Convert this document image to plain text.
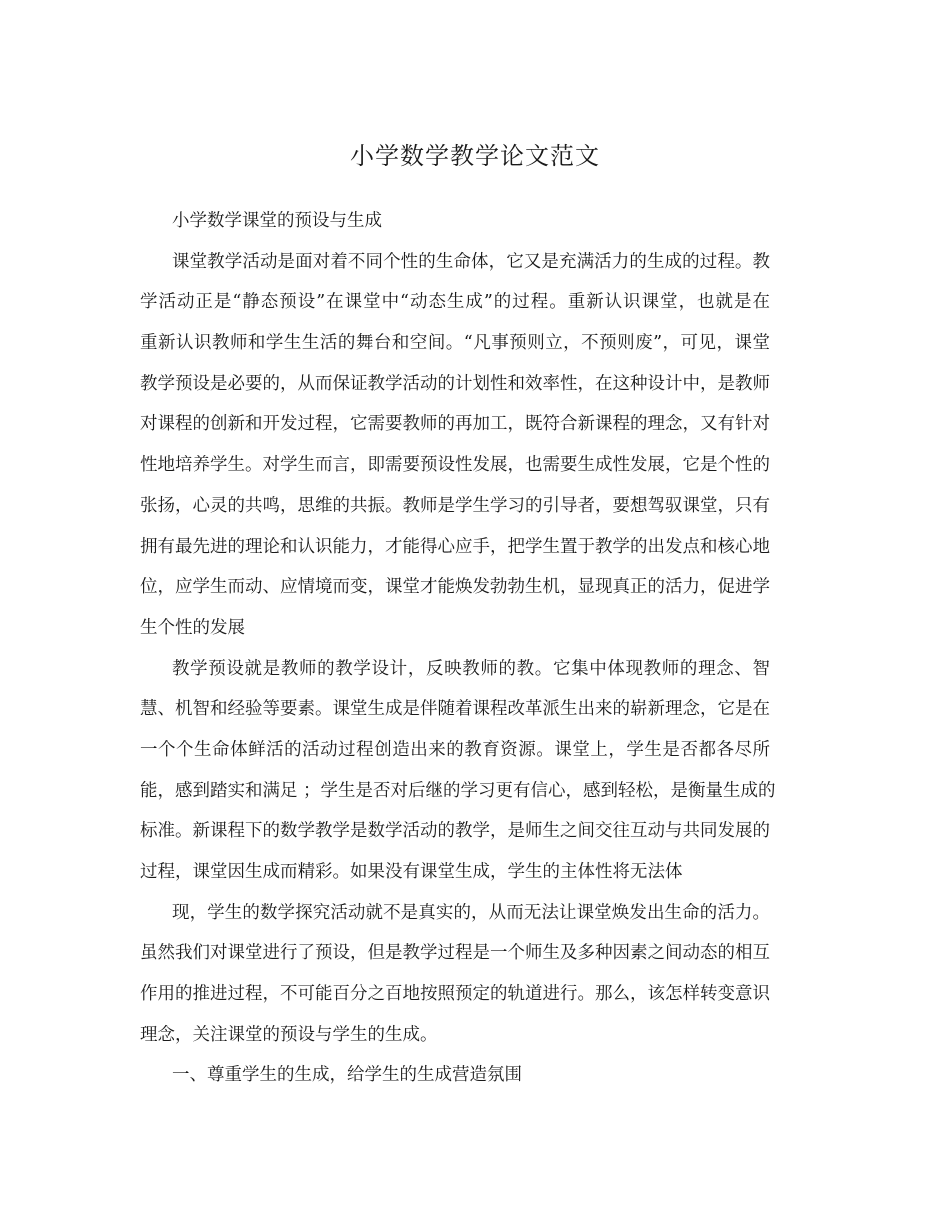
小学数学教学论文范文

小学数学课堂的预设与生成

课堂教学活动是面对着不同个性的生命体，它又是充满活力的生成的过程。教

学活动正是“静态预设”在课堂中“动态生成”的过程。重新认识课堂，也就是在

重新认识教师和学生生活的舞台和空间。“凡事预则立，不预则废”，可见，课堂

教学预设是必要的，从而保证教学活动的计划性和效率性，在这种设计中，是教师

对课程的创新和开发过程，它需要教师的再加工，既符合新课程的理念，又有针对

性地培养学生。对学生而言，即需要预设性发展，也需要生成性发展，它是个性的

张扬，心灵的共鸣，思维的共振。教师是学生学习的引导者，要想驾驭课堂，只有

拥有最先进的理论和认识能力，才能得心应手，把学生置于教学的出发点和核心地

位，应学生而动、应情境而变，课堂才能焕发勃勃生机，显现真正的活力，促进学

生个性的发展

教学预设就是教师的教学设计，反映教师的教。它集中体现教师的理念、智

慧、机智和经验等要素。课堂生成是伴随着课程改革派生出来的崭新理念，它是在

一个个生命体鲜活的活动过程创造出来的教育资源。课堂上，学生是否都各尽所

能，感到踏实和满足 ；学生是否对后继的学习更有信心，感到轻松，是衡量生成的

标准。新课程下的数学教学是数学活动的教学，是师生之间交往互动与共同发展的

过程，课堂因生成而精彩。如果没有课堂生成，学生的主体性将无法体

现，学生的数学探究活动就不是真实的，从而无法让课堂焕发出生命的活力。

虽然我们对课堂进行了预设，但是教学过程是一个师生及多种因素之间动态的相互

作用的推进过程，不可能百分之百地按照预定的轨道进行。那么，该怎样转变意识

理念，关注课堂的预设与学生的生成。

一、尊重学生的生成，给学生的生成营造氛围
